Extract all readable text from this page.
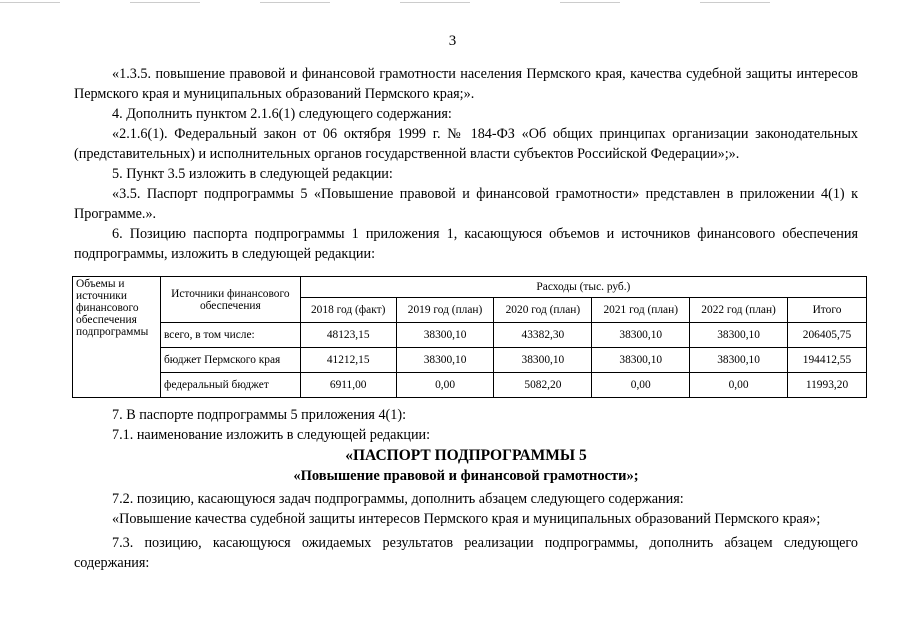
3

«1.3.5. повышение правовой и финансовой грамотности населения Пермского края, качества судебной защиты интересов Пермского края и муниципальных образований Пермского края;».

4. Дополнить пунктом 2.1.6(1) следующего содержания:

«2.1.6(1). Федеральный закон от 06 октября 1999 г. № 184-ФЗ «Об общих принципах организации законодательных (представительных) и исполнительных органов государственной власти субъектов Российской Федерации»;».

5. Пункт 3.5 изложить в следующей редакции:

«3.5. Паспорт подпрограммы 5 «Повышение правовой и финансовой грамотности» представлен в приложении 4(1) к Программе.».

6. Позицию паспорта подпрограммы 1 приложения 1, касающуюся объемов и источников финансового обеспечения подпрограммы, изложить в следующей редакции:

Объемы и источники финансового обеспечения подпрограммы	Источники финансового обеспечения	Расходы (тыс. руб.)					
		2018 год (факт)	2019 год (план)	2020 год (план)	2021 год (план)	2022 год (план)	Итого
	всего, в том числе:	48123,15	38300,10	43382,30	38300,10	38300,10	206405,75
	бюджет Пермского края	41212,15	38300,10	38300,10	38300,10	38300,10	194412,55
	федеральный бюджет	6911,00	0,00	5082,20	0,00	0,00	11993,20

7. В паспорте подпрограммы 5 приложения 4(1):

7.1. наименование изложить в следующей редакции:

«ПАСПОРТ ПОДПРОГРАММЫ 5

«Повышение правовой и финансовой грамотности»;

7.2. позицию, касающуюся задач подпрограммы, дополнить абзацем следующего содержания:

«Повышение качества судебной защиты интересов Пермского края и муниципальных образований Пермского края»;

7.3. позицию, касающуюся ожидаемых результатов реализации подпрограммы, дополнить абзацем следующего содержания:
